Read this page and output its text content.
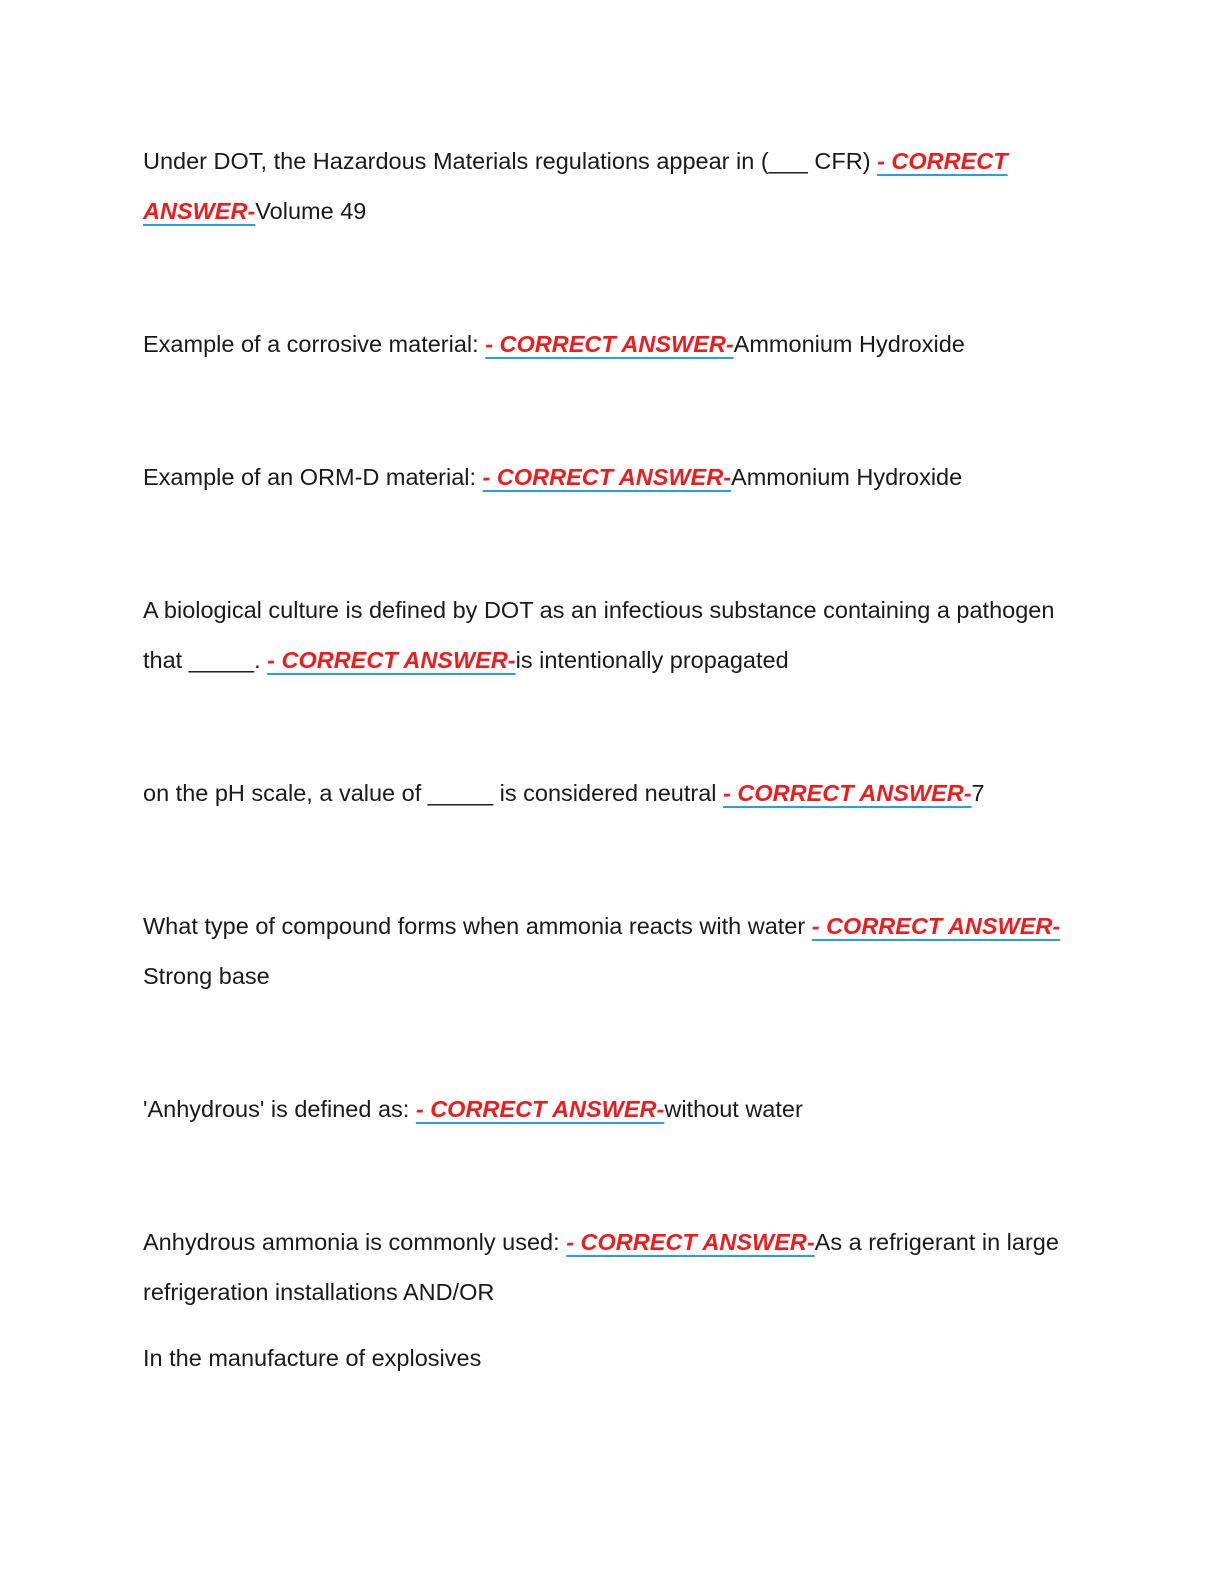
Under DOT, the Hazardous Materials regulations appear in (___ CFR) - CORRECT ANSWER-Volume 49

Example of a corrosive material: - CORRECT ANSWER-Ammonium Hydroxide

Example of an ORM-D material: - CORRECT ANSWER-Ammonium Hydroxide

A biological culture is defined by DOT as an infectious substance containing a pathogen that _____. - CORRECT ANSWER-is intentionally propagated

on the pH scale, a value of _____ is considered neutral - CORRECT ANSWER-7

What type of compound forms when ammonia reacts with water - CORRECT ANSWER-Strong base

'Anhydrous' is defined as: - CORRECT ANSWER-without water

Anhydrous ammonia is commonly used: - CORRECT ANSWER-As a refrigerant in large refrigeration installations AND/OR

In the manufacture of explosives
